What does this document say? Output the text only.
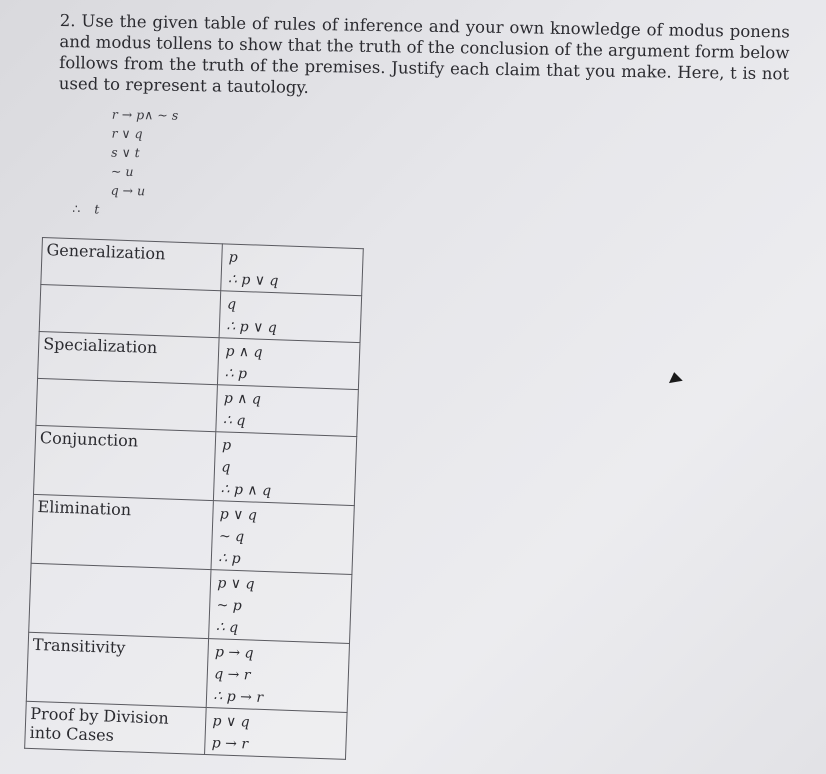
2. Use the given table of rules of inference and your own knowledge of modus ponens and modus tollens to show that the truth of the conclusion of the argument form below follows from the truth of the premises. Justify each claim that you make. Here, t is not used to represent a tautology.
r → p∧ ~ s
r ∨ q
s ∨ t
~ u
q → u
∴ t
Generalization	p
∴ p ∨ q

	q
∴ p ∨ q

Specialization	p ∧ q
∴ p

	p ∧ q
∴ q

Conjunction	p
q
∴ p ∧ q

Elimination	p ∨ q
~ q
∴ p

	p ∨ q
~ p
∴ q

Transitivity	p → q
q → r
∴ p → r

Proof by Division into Cases	p ∨ q
p → r
